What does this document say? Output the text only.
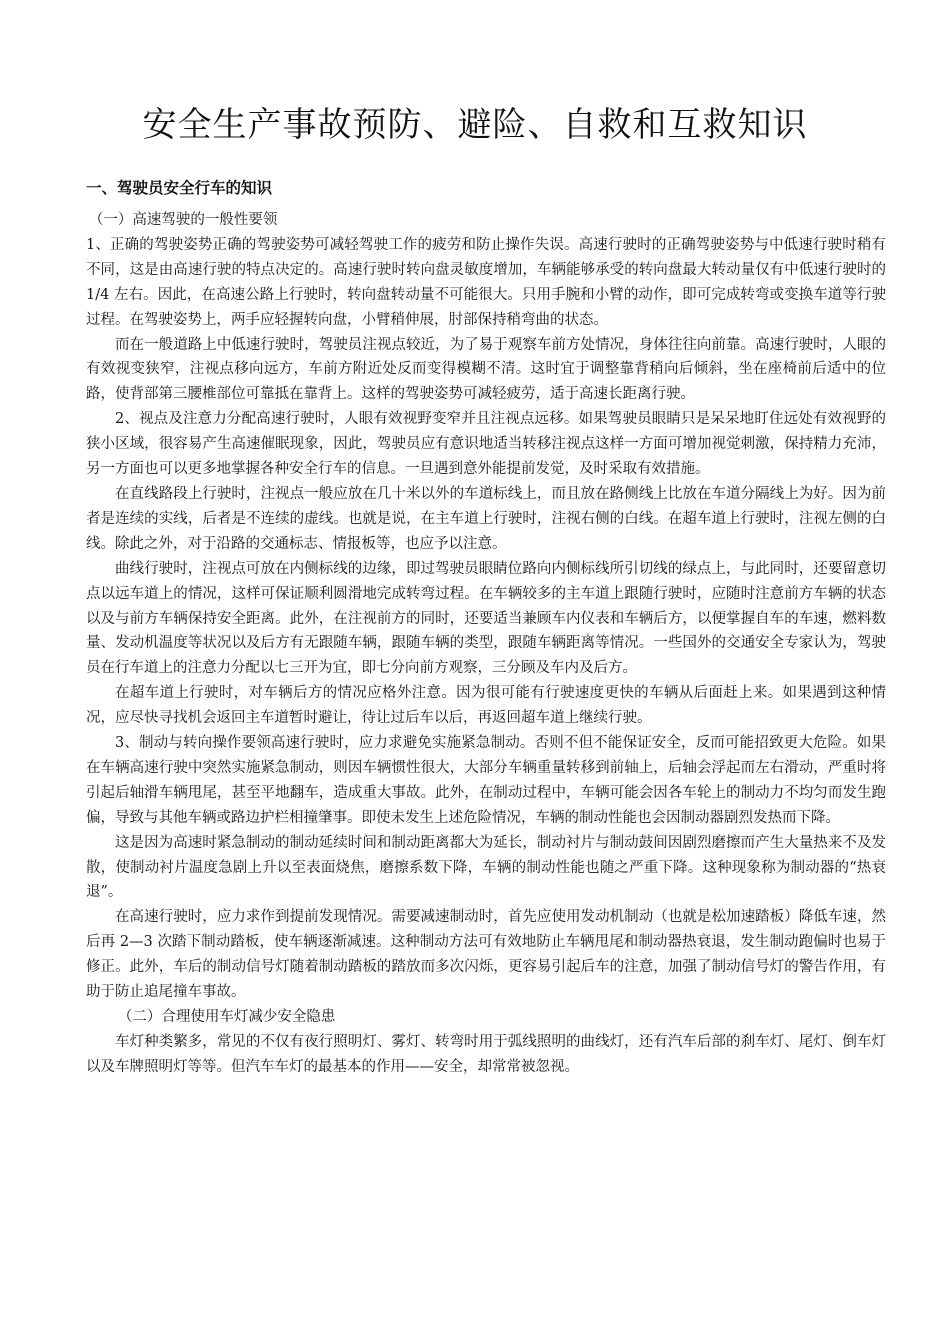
安全生产事故预防、避险、自救和互救知识
一、驾驶员安全行车的知识

（一）高速驾驶的一般性要领

1、正确的驾驶姿势正确的驾驶姿势可减轻驾驶工作的疲劳和防止操作失误。高速行驶时的正确驾驶姿势与中低速行驶时稍有不同，这是由高速行驶的特点决定的。高速行驶时转向盘灵敏度增加，车辆能够承受的转向盘最大转动量仅有中低速行驶时的 1/4 左右。因此，在高速公路上行驶时，转向盘转动量不可能很大。只用手腕和小臂的动作，即可完成转弯或变换车道等行驶过程。在驾驶姿势上，两手应轻握转向盘，小臂稍伸展，肘部保持稍弯曲的状态。

而在一般道路上中低速行驶时，驾驶员注视点较近，为了易于观察车前方处情况，身体往往向前靠。高速行驶时，人眼的有效视变狭窄，注视点移向远方，车前方附近处反而变得模糊不清。这时宜于调整靠背稍向后倾斜，坐在座椅前后适中的位路，使背部第三腰椎部位可靠抵在靠背上。这样的驾驶姿势可减轻疲劳，适于高速长距离行驶。

2、视点及注意力分配高速行驶时，人眼有效视野变窄并且注视点远移。如果驾驶员眼睛只是呆呆地盯住远处有效视野的狭小区域，很容易产生高速催眠现象，因此，驾驶员应有意识地适当转移注视点这样一方面可增加视觉刺激，保持精力充沛，另一方面也可以更多地掌握各种安全行车的信息。一旦遇到意外能提前发觉，及时采取有效措施。

在直线路段上行驶时，注视点一般应放在几十米以外的车道标线上，而且放在路侧线上比放在车道分隔线上为好。因为前者是连续的实线，后者是不连续的虚线。也就是说，在主车道上行驶时，注视右侧的白线。在超车道上行驶时，注视左侧的白线。除此之外，对于沿路的交通标志、情报板等，也应予以注意。

曲线行驶时，注视点可放在内侧标线的边缘，即过驾驶员眼睛位路向内侧标线所引切线的绿点上，与此同时，还要留意切点以远车道上的情况，这样可保证顺利圆滑地完成转弯过程。在车辆较多的主车道上跟随行驶时，应随时注意前方车辆的状态以及与前方车辆保持安全距离。此外，在注视前方的同时，还要适当兼顾车内仪表和车辆后方，以便掌握自车的车速，燃料数量、发动机温度等状况以及后方有无跟随车辆，跟随车辆的类型，跟随车辆距离等情况。一些国外的交通安全专家认为，驾驶员在行车道上的注意力分配以七三开为宜，即七分向前方观察，三分顾及车内及后方。

在超车道上行驶时，对车辆后方的情况应格外注意。因为很可能有行驶速度更快的车辆从后面赶上来。如果遇到这种情况，应尽快寻找机会返回主车道暂时避让，待让过后车以后，再返回超车道上继续行驶。

3、制动与转向操作要领高速行驶时，应力求避免实施紧急制动。否则不但不能保证安全，反而可能招致更大危险。如果在车辆高速行驶中突然实施紧急制动，则因车辆惯性很大，大部分车辆重量转移到前轴上，后轴会浮起而左右滑动，严重时将引起后轴滑车辆甩尾，甚至平地翻车，造成重大事故。此外，在制动过程中，车辆可能会因各车轮上的制动力不均匀而发生跑偏，导致与其他车辆或路边护栏相撞肇事。即使未发生上述危险情况，车辆的制动性能也会因制动器剧烈发热而下降。

这是因为高速时紧急制动的制动延续时间和制动距离都大为延长，制动衬片与制动鼓间因剧烈磨擦而产生大量热来不及发散，使制动衬片温度急剧上升以至表面烧焦，磨擦系数下降，车辆的制动性能也随之严重下降。这种现象称为制动器的“热衰退”。

在高速行驶时，应力求作到提前发现情况。需要减速制动时，首先应使用发动机制动（也就是松加速踏板）降低车速，然后再 2—3 次踏下制动踏板，使车辆逐渐减速。这种制动方法可有效地防止车辆甩尾和制动器热衰退，发生制动跑偏时也易于修正。此外，车后的制动信号灯随着制动踏板的踏放而多次闪烁，更容易引起后车的注意，加强了制动信号灯的警告作用，有助于防止追尾撞车事故。

（二）合理使用车灯减少安全隐患

车灯种类繁多，常见的不仅有夜行照明灯、雾灯、转弯时用于弧线照明的曲线灯，还有汽车后部的刹车灯、尾灯、倒车灯以及车牌照明灯等等。但汽车车灯的最基本的作用——安全，却常常被忽视。
